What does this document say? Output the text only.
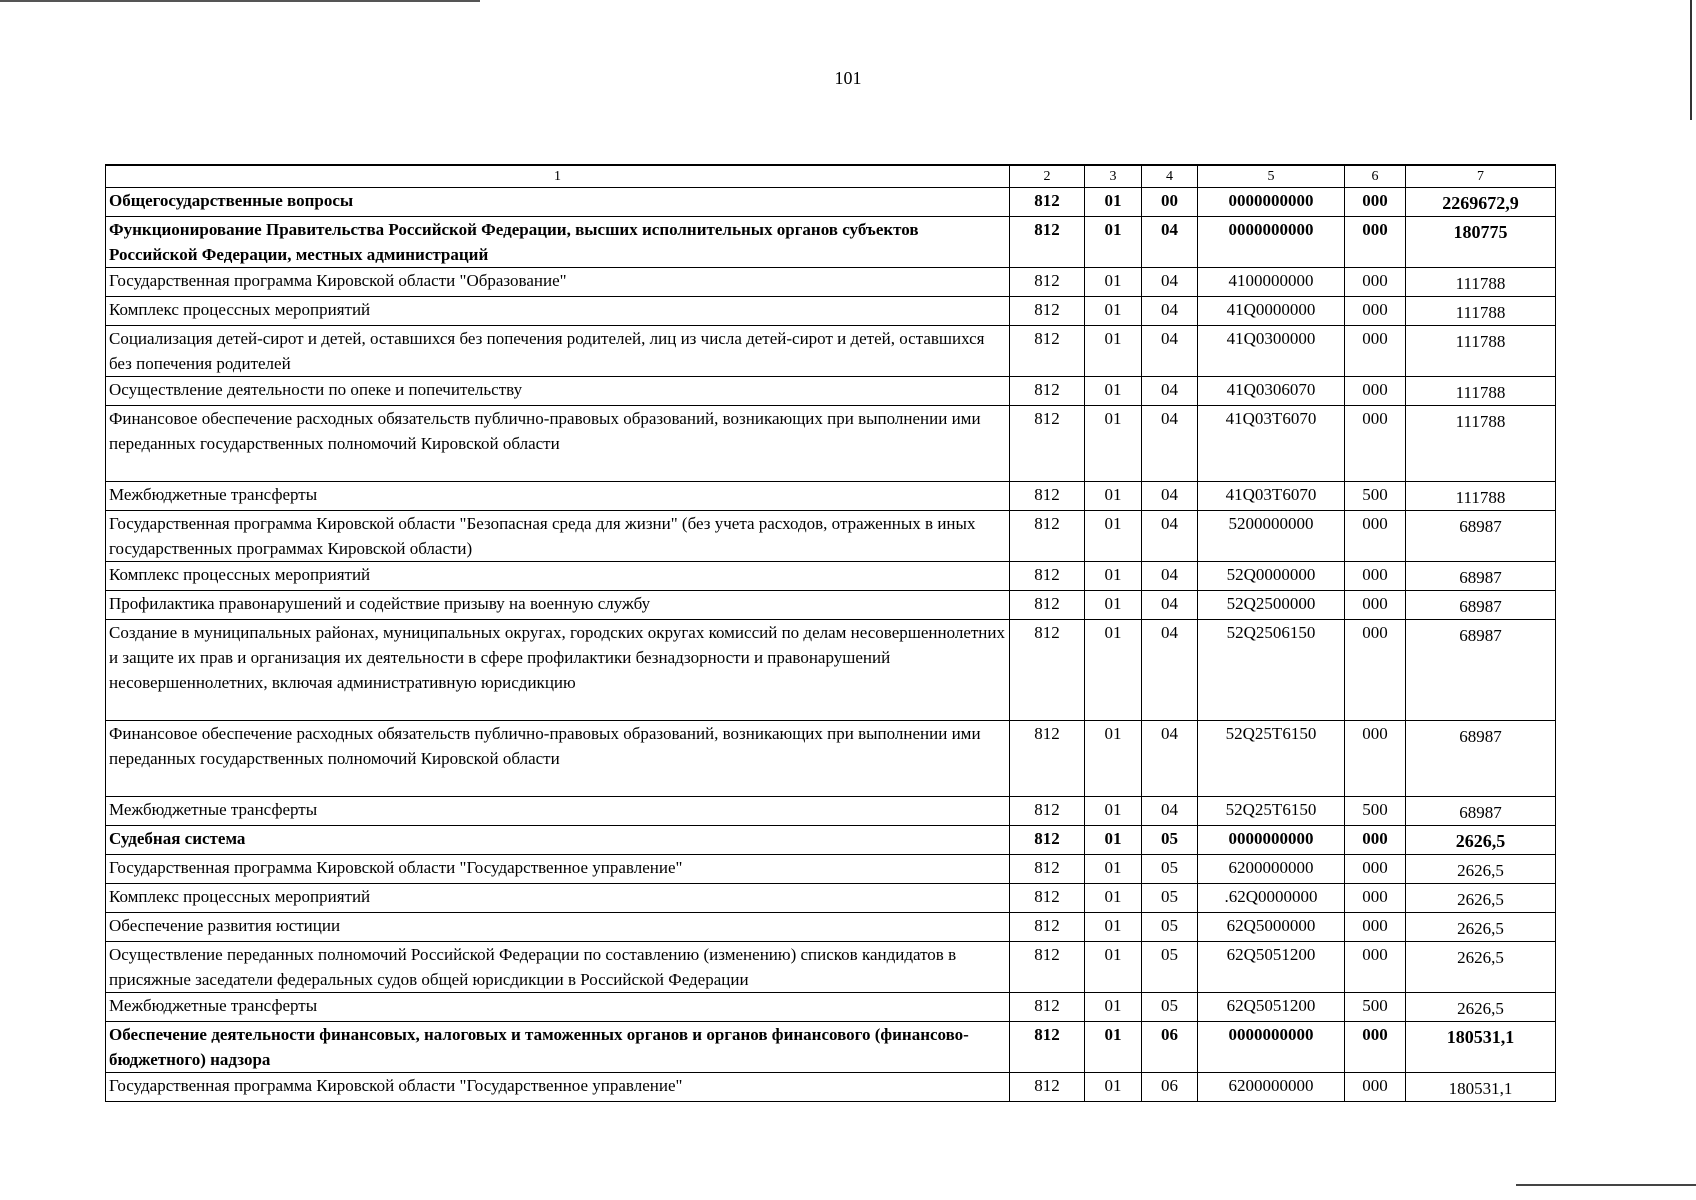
101
1	2	3	4	5	6	7
Общегосударственные вопросы	812	01	00	0000000000	000	2269672,9
Функционирование Правительства Российской Федерации, высших исполнительных органов субъектов Российской Федерации, местных администраций	812	01	04	0000000000	000	180775
Государственная программа Кировской области "Образование"	812	01	04	4100000000	000	111788
Комплекс процессных мероприятий	812	01	04	41Q0000000	000	111788
Социализация детей-сирот и детей, оставшихся без попечения родителей, лиц из числа детей-сирот и детей, оставшихся без попечения родителей	812	01	04	41Q0300000	000	111788
Осуществление деятельности по опеке и попечительству	812	01	04	41Q0306070	000	111788
Финансовое обеспечение расходных обязательств публично-правовых образований, возникающих при выполнении ими переданных государственных полномочий Кировской области	812	01	04	41Q03T6070	000	111788
Межбюджетные трансферты	812	01	04	41Q03T6070	500	111788
Государственная программа Кировской области "Безопасная среда для жизни" (без учета расходов, отраженных в иных государственных программах Кировской области)	812	01	04	5200000000	000	68987
Комплекс процессных мероприятий	812	01	04	52Q0000000	000	68987
Профилактика правонарушений и содействие призыву на военную службу	812	01	04	52Q2500000	000	68987
Создание в муниципальных районах, муниципальных округах, городских округах комиссий по делам несовершеннолетних и защите их прав и организация их деятельности в сфере профилактики безнадзорности и правонарушений несовершеннолетних, включая административную юрисдикцию	812	01	04	52Q2506150	000	68987
Финансовое обеспечение расходных обязательств публично-правовых образований, возникающих при выполнении ими переданных государственных полномочий Кировской области	812	01	04	52Q25T6150	000	68987
Межбюджетные трансферты	812	01	04	52Q25T6150	500	68987
Судебная система	812	01	05	0000000000	000	2626,5
Государственная программа Кировской области "Государственное управление"	812	01	05	6200000000	000	2626,5
Комплекс процессных мероприятий	812	01	05	.62Q0000000	000	2626,5
Обеспечение развития юстиции	812	01	05	62Q5000000	000	2626,5
Осуществление переданных полномочий Российской Федерации по составлению (изменению) списков кандидатов в присяжные заседатели федеральных судов общей юрисдикции в Российской Федерации	812	01	05	62Q5051200	000	2626,5
Межбюджетные трансферты	812	01	05	62Q5051200	500	2626,5
Обеспечение деятельности финансовых, налоговых и таможенных органов и органов финансового (финансово-бюджетного) надзора	812	01	06	0000000000	000	180531,1
Государственная программа Кировской области "Государственное управление"	812	01	06	6200000000	000	180531,1
